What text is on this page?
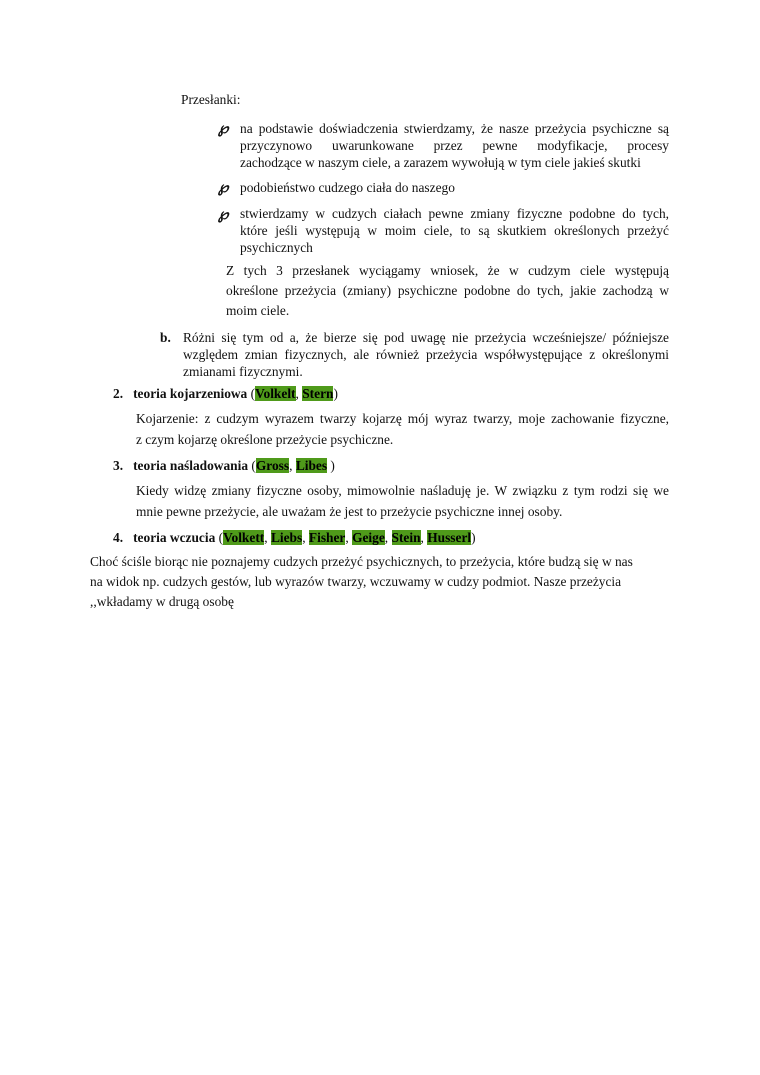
Przesłanki:
℘ na podstawie doświadczenia stwierdzamy, że nasze przeżycia psychiczne są
przyczynowo uwarunkowane przez pewne modyfikacje, procesy
zachodzące w naszym ciele, a zarazem wywołują w tym ciele jakieś skutki
℘ podobieństwo cudzego ciała do naszego
℘ stwierdzamy w cudzych ciałach pewne zmiany fizyczne podobne do tych,
które jeśli występują w moim ciele, to są skutkiem określonych przeżyć
psychicznych
Z tych 3 przesłanek wyciągamy wniosek, że w cudzym ciele występują
określone przeżycia (zmiany) psychiczne podobne do tych, jakie zachodzą w
moim ciele.
b. Różni się tym od a, że bierze się pod uwagę nie przeżycia wcześniejsze/ późniejsze
względem zmian fizycznych, ale również przeżycia współwystępujące z określonymi
zmianami fizycznymi.
2. teoria kojarzeniowa (Volkelt, Stern)
Kojarzenie: z cudzym wyrazem twarzy kojarzę mój wyraz twarzy, moje zachowanie fizyczne,
z czym kojarzę określone przeżycie psychiczne.
3. teoria naśladowania (Gross, Libes )
Kiedy widzę zmiany fizyczne osoby, mimowolnie naśladuję je. W związku z tym rodzi się we
mnie pewne przeżycie, ale uważam że jest to przeżycie psychiczne innej osoby.
4. teoria wczucia (Volkett, Liebs, Fisher, Geige, Stein, Husserl)
Choć ściśle biorąc nie poznajemy cudzych przeżyć psychicznych, to przeżycia, które budzą się w nas
na widok np. cudzych gestów, lub wyrazów twarzy, wczuwamy w cudzy podmiot. Nasze przeżycia
,,wkładamy w drugą osobę
